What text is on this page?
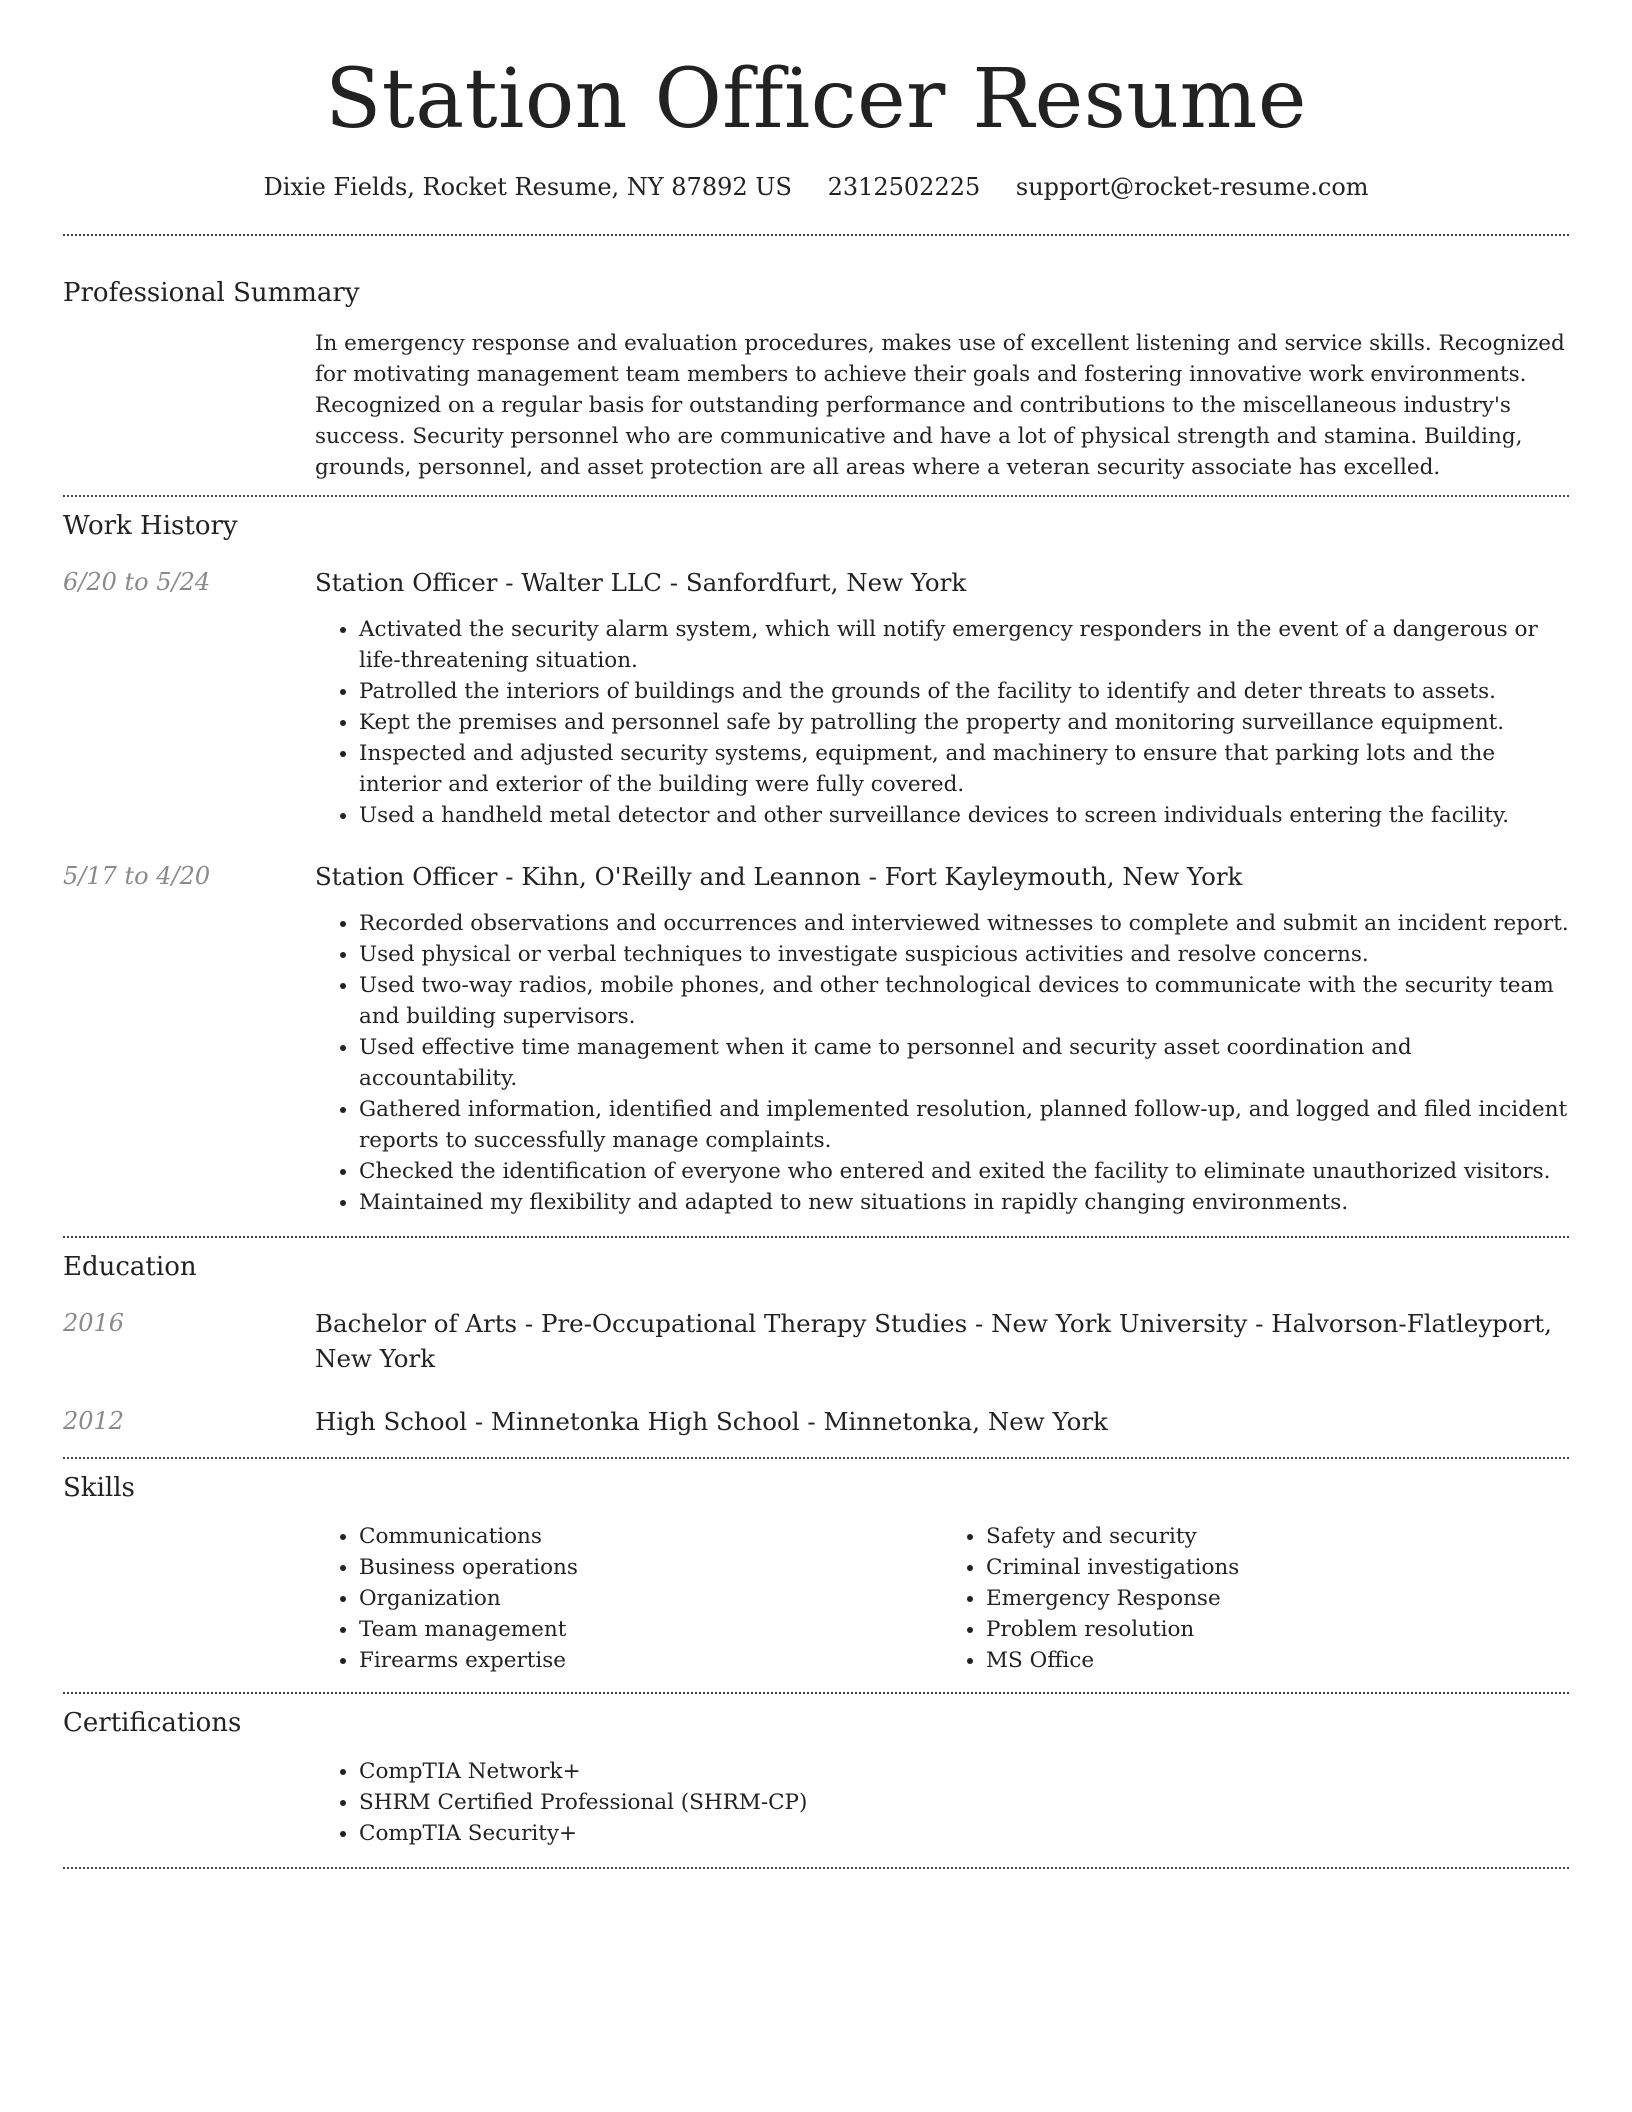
Station Officer Resume
Dixie Fields, Rocket Resume, NY 87892 US 2312502225 support@rocket-resume.com
Professional Summary
In emergency response and evaluation procedures, makes use of excellent listening and service skills. Recognized for motivating management team members to achieve their goals and fostering innovative work environments. Recognized on a regular basis for outstanding performance and contributions to the miscellaneous industry's success. Security personnel who are communicative and have a lot of physical strength and stamina. Building, grounds, personnel, and asset protection are all areas where a veteran security associate has excelled.
Work History
6/20 to 5/24	Station Officer - Walter LLC - Sanfordfurt, New York
• Activated the security alarm system, which will notify emergency responders in the event of a dangerous or life-threatening situation.
• Patrolled the interiors of buildings and the grounds of the facility to identify and deter threats to assets.
• Kept the premises and personnel safe by patrolling the property and monitoring surveillance equipment.
• Inspected and adjusted security systems, equipment, and machinery to ensure that parking lots and the interior and exterior of the building were fully covered.
• Used a handheld metal detector and other surveillance devices to screen individuals entering the facility.
5/17 to 4/20	Station Officer - Kihn, O'Reilly and Leannon - Fort Kayleymouth, New York
• Recorded observations and occurrences and interviewed witnesses to complete and submit an incident report.
• Used physical or verbal techniques to investigate suspicious activities and resolve concerns.
• Used two-way radios, mobile phones, and other technological devices to communicate with the security team and building supervisors.
• Used effective time management when it came to personnel and security asset coordination and accountability.
• Gathered information, identified and implemented resolution, planned follow-up, and logged and filed incident reports to successfully manage complaints.
• Checked the identification of everyone who entered and exited the facility to eliminate unauthorized visitors.
• Maintained my flexibility and adapted to new situations in rapidly changing environments.
Education
2016	Bachelor of Arts - Pre-Occupational Therapy Studies - New York University - Halvorson-Flatleyport, New York
2012	High School - Minnetonka High School - Minnetonka, New York
Skills
• Communications
• Business operations
• Organization
• Team management
• Firearms expertise
• Safety and security
• Criminal investigations
• Emergency Response
• Problem resolution
• MS Office
Certifications
• CompTIA Network+
• SHRM Certified Professional (SHRM-CP)
• CompTIA Security+
